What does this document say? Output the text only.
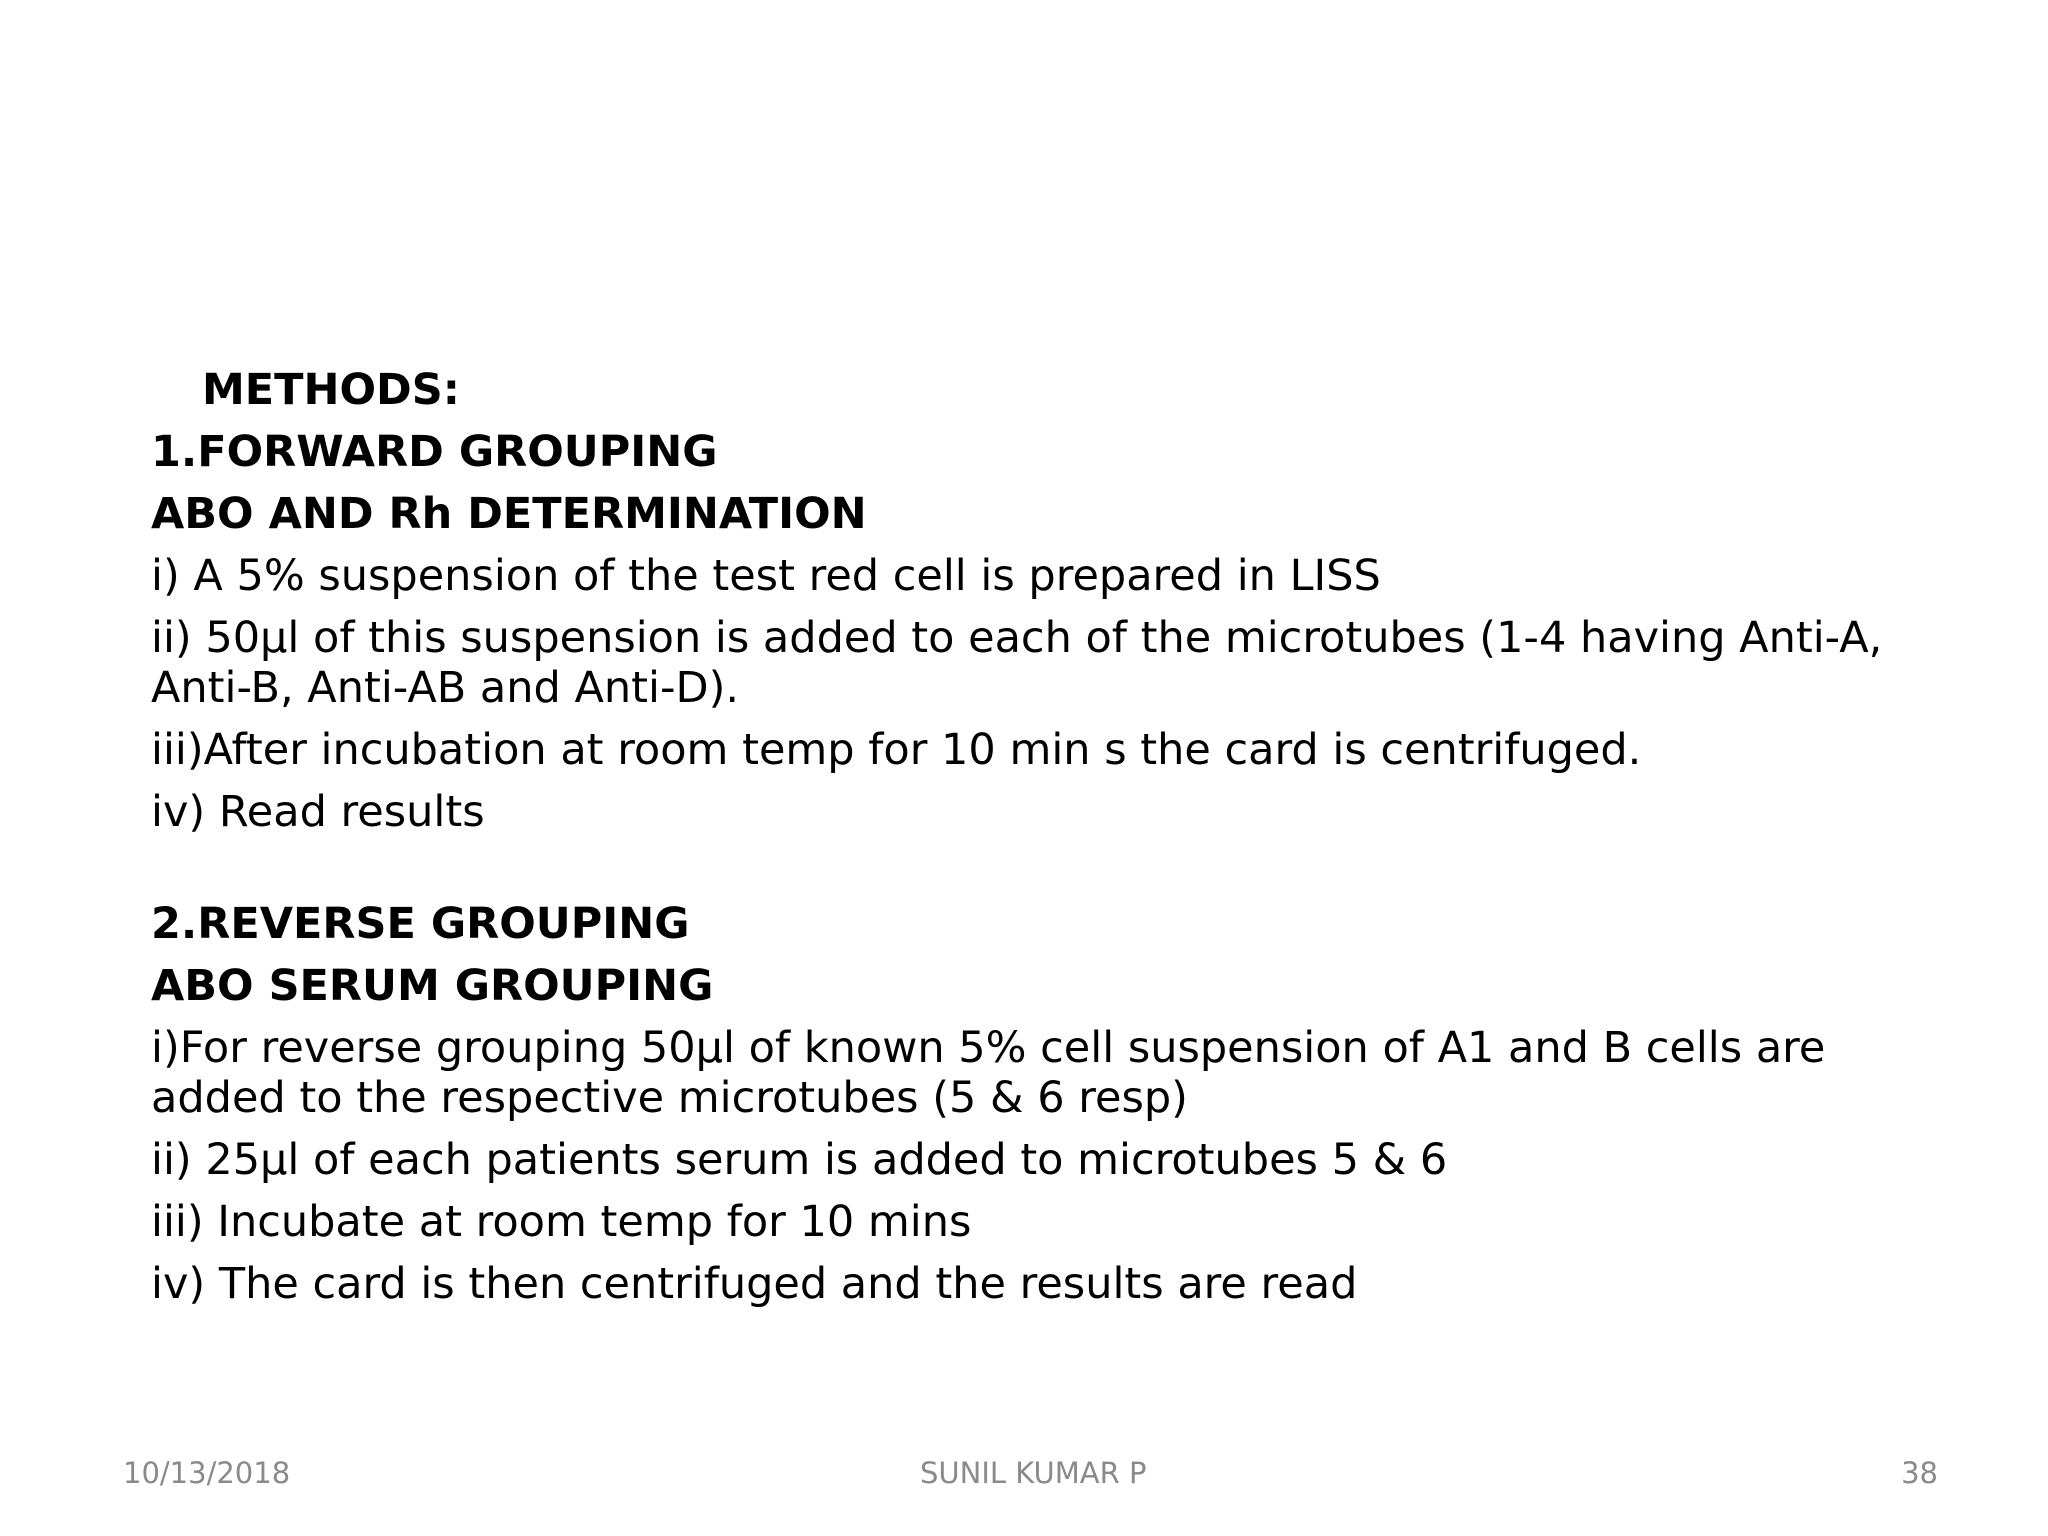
METHODS:
1.FORWARD GROUPING
ABO AND Rh DETERMINATION
i) A 5% suspension of the test red cell is prepared in LISS
ii) 50µl of this suspension is added to each of the microtubes (1-4 having Anti-A, Anti-B, Anti-AB and Anti-D).
iii)After incubation at room temp for 10 min s the card is centrifuged.
iv) Read results
2.REVERSE GROUPING
ABO SERUM GROUPING
i)For reverse grouping 50µl of known 5% cell suspension of A1 and B cells are added to the respective microtubes (5 & 6 resp)
ii) 25µl of each patients serum is added to microtubes 5 & 6
iii) Incubate at room temp for 10 mins
iv) The card is then centrifuged and the results are read
10/13/2018	SUNIL KUMAR P	38
